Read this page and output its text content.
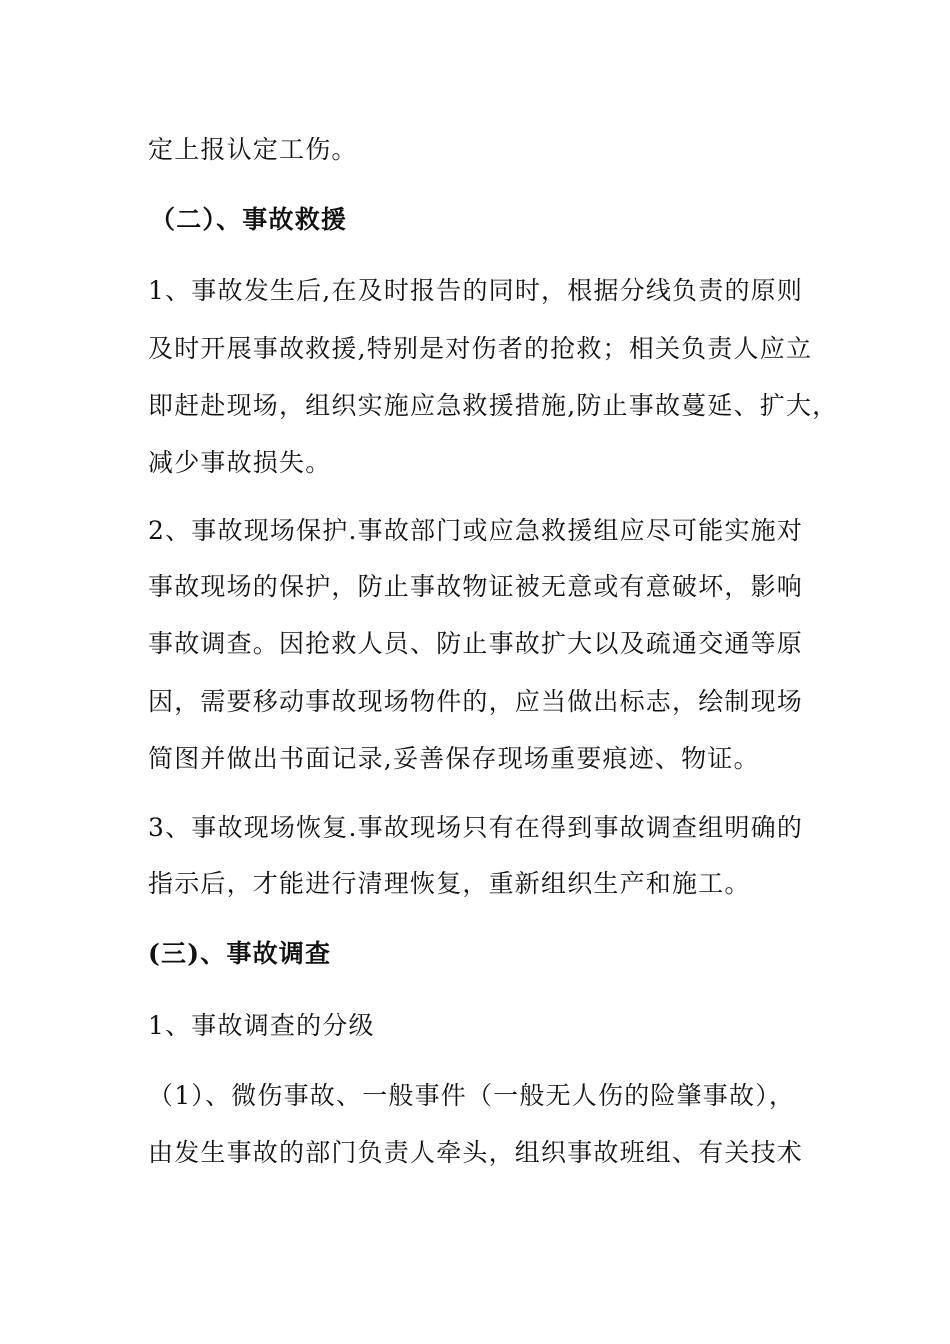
定上报认定工伤。
（二）、事故救援
1、事故发生后,在及时报告的同时，根据分线负责的原则
及时开展事故救援,特别是对伤者的抢救；相关负责人应立
即赶赴现场，组织实施应急救援措施,防止事故蔓延、扩大，
减少事故损失。
2、事故现场保护.事故部门或应急救援组应尽可能实施对
事故现场的保护，防止事故物证被无意或有意破坏，影响
事故调查。因抢救人员、防止事故扩大以及疏通交通等原
因，需要移动事故现场物件的，应当做出标志，绘制现场
简图并做出书面记录,妥善保存现场重要痕迹、物证。
3、事故现场恢复.事故现场只有在得到事故调查组明确的
指示后，才能进行清理恢复，重新组织生产和施工。
(三)、事故调查
1、事故调查的分级
（1）、微伤事故、一般事件（一般无人伤的险肇事故），
由发生事故的部门负责人牵头，组织事故班组、有关技术
